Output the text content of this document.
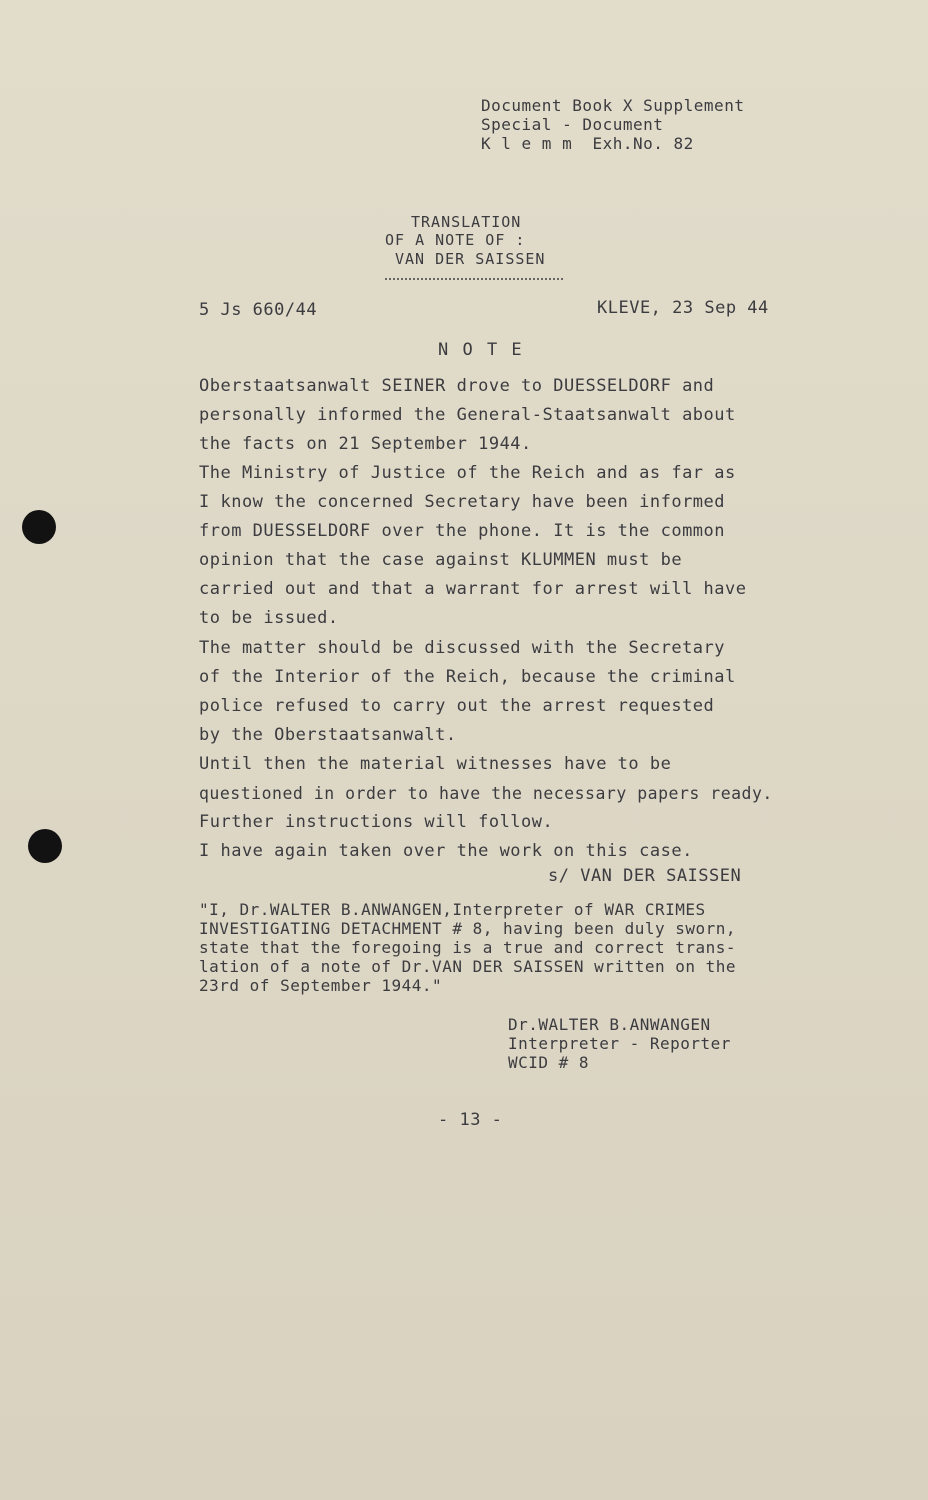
Document Book X Supplement
Special - Document
K l e m m  Exh.No. 82
TRANSLATION
OF A NOTE OF :
VAN DER SAISSEN
5 Js 660/44	KLEVE, 23 Sep 44
N O T E
Oberstaatsanwalt SEINER drove to DUESSELDORF and
personally informed the General-Staatsanwalt about
the facts on 21 September 1944.
The Ministry of Justice of the Reich and as far as
I know the concerned Secretary have been informed
from DUESSELDORF over the phone. It is the common
opinion that the case against KLUMMEN must be
carried out and that a warrant for arrest will have
to be issued.
The matter should be discussed with the Secretary
of the Interior of the Reich, because the criminal
police refused to carry out the arrest requested
by the Oberstaatsanwalt.
Until then the material witnesses have to be
questioned in order to have the necessary papers ready.
Further instructions will follow.
I have again taken over the work on this case.
s/ VAN DER SAISSEN
"I, Dr.WALTER B.ANWANGEN,Interpreter of WAR CRIMES
INVESTIGATING DETACHMENT # 8, having been duly sworn,
state that the foregoing is a true and correct trans-
lation of a note of Dr.VAN DER SAISSEN written on the
23rd of September 1944."
Dr.WALTER B.ANWANGEN
Interpreter - Reporter
WCID # 8
- 13 -
